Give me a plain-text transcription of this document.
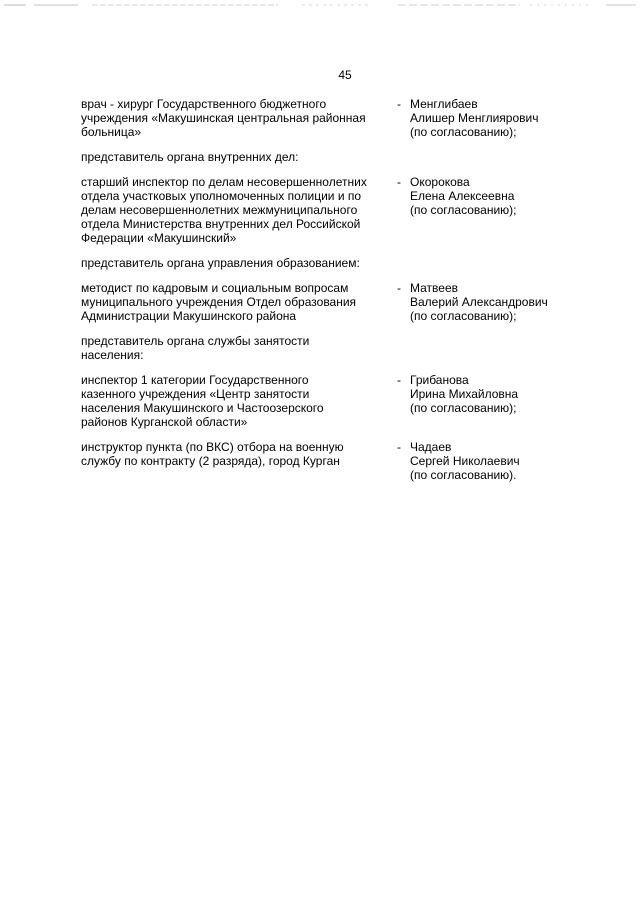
45
врач - хирург Государственного бюджетного
учреждения «Макушинская центральная районная
больница»
- Менглибаев
Алишер Менглиярович
(по согласованию);
представитель органа внутренних дел:
старший инспектор по делам несовершеннолетних
отдела участковых уполномоченных полиции и по
делам несовершеннолетних межмуниципального
отдела Министерства внутренних дел Российской
Федерации «Макушинский»
- Окорокова
Елена Алексеевна
(по согласованию);
представитель органа управления образованием:
методист по кадровым и социальным вопросам
муниципального учреждения Отдел образования
Администрации Макушинского района
- Матвеев
Валерий Александрович
(по согласованию);
представитель органа службы занятости
населения:
инспектор 1 категории Государственного
казенного учреждения «Центр занятости
населения Макушинского и Частоозерского
районов Курганской области»
- Грибанова
Ирина Михайловна
(по согласованию);
инструктор пункта (по ВКС) отбора на военную
службу по контракту (2 разряда), город Курган
- Чадаев
Сергей Николаевич
(по согласованию).
